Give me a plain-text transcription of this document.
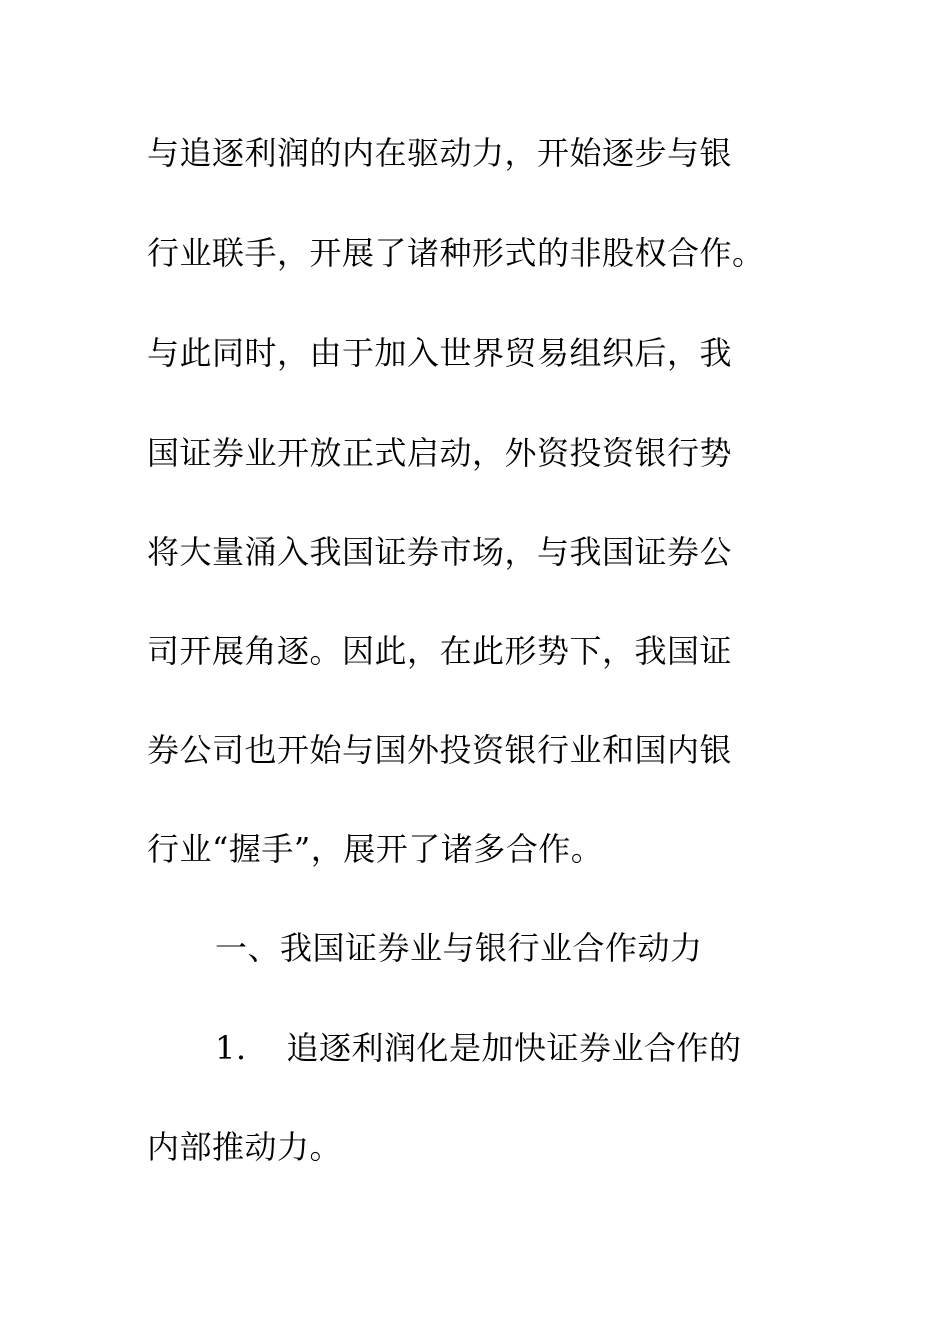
与追逐利润的内在驱动力，开始逐步与银
行业联手，开展了诸种形式的非股权合作。
与此同时，由于加入世界贸易组织后，我
国证券业开放正式启动，外资投资银行势
将大量涌入我国证券市场，与我国证券公
司开展角逐。因此，在此形势下，我国证
券公司也开始与国外投资银行业和国内银
行业“握手”，展开了诸多合作。
一、我国证券业与银行业合作动力
1. 追逐利润化是加快证券业合作的
内部推动力。
